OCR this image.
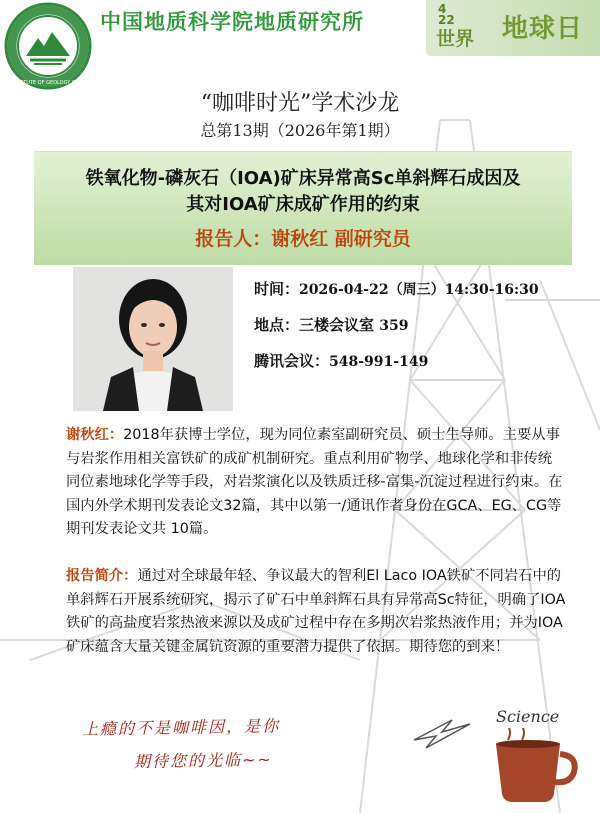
INSTITUTE OF GEOLOGY CAGS
中国地质科学院地质研究所
4
22
世界 地球日
“咖啡时光”学术沙龙
总第13期（2026年第1期）
铁氧化物-磷灰石（IOA)矿床异常高Sc单斜辉石成因及
其对IOA矿床成矿作用的约束
报告人：谢秋红 副研究员
时间：2026-04-22（周三）14:30-16:30
地点：三楼会议室 359
腾讯会议：548-991-149
谢秋红：2018年获博士学位，现为同位素室副研究员、硕士生导师。主要从事与岩浆作用相关富铁矿的成矿机制研究。重点利用矿物学、地球化学和非传统同位素地球化学等手段，对岩浆演化以及铁质迁移-富集-沉淀过程进行约束。在国内外学术期刊发表论文32篇，其中以第一/通讯作者身份在GCA、EG、CG等期刊发表论文共 10篇。
报告简介：通过对全球最年轻、争议最大的智利El Laco IOA铁矿不同岩石中的单斜辉石开展系统研究，揭示了矿石中单斜辉石具有异常高Sc特征，明确了IOA铁矿的高盐度岩浆热液来源以及成矿过程中存在多期次岩浆热液作用；并为IOA矿床蕴含大量关键金属钪资源的重要潜力提供了依据。期待您的到来！
上瘾的不是咖啡因，是你
期待您的光临~~
Science
